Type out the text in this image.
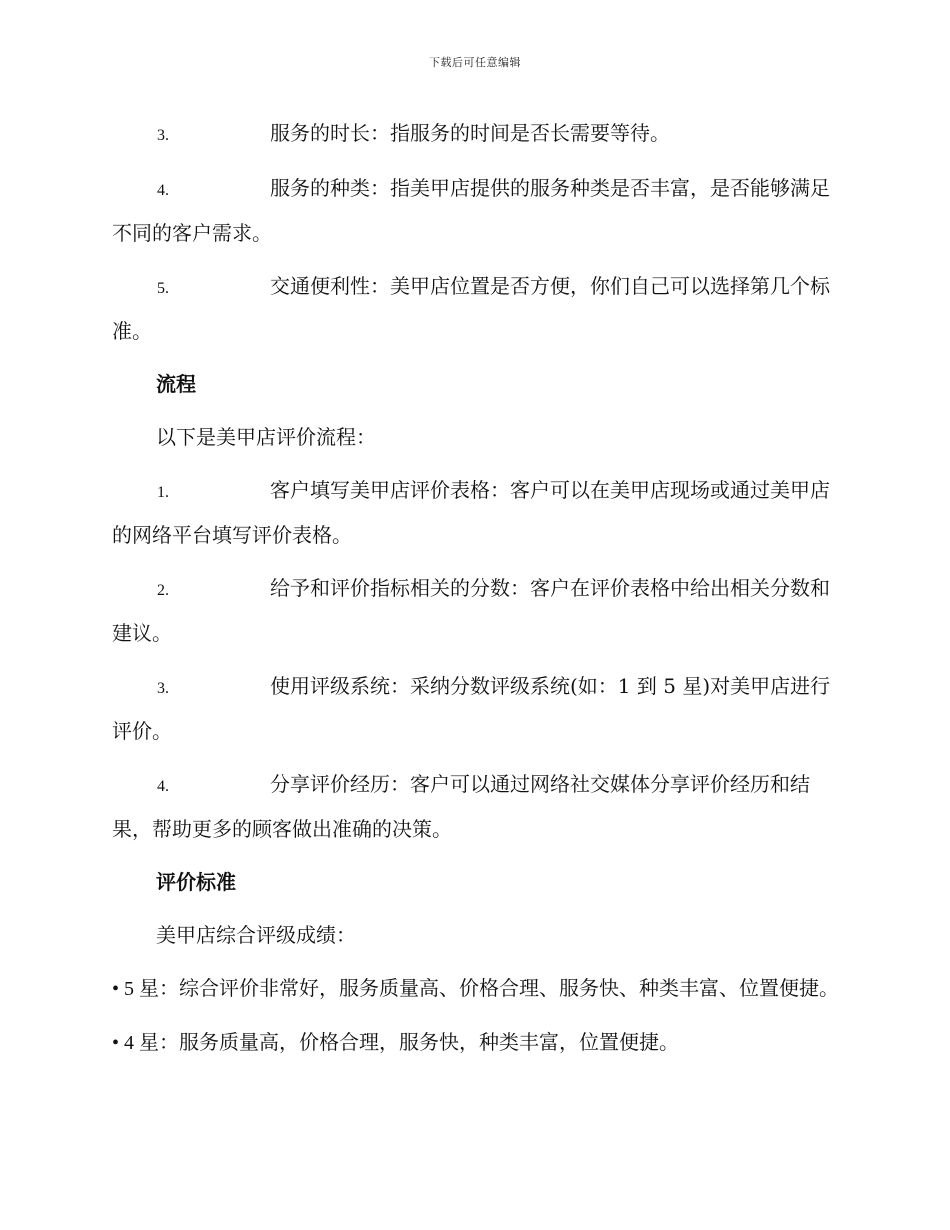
下载后可任意编辑

3.	服务的时长：指服务的时间是否长需要等待。

4.	服务的种类：指美甲店提供的服务种类是否丰富，是否能够满足不同的客户需求。

5.	交通便利性：美甲店位置是否方便，你们自己可以选择第几个标准。

流程

以下是美甲店评价流程：

1.	客户填写美甲店评价表格：客户可以在美甲店现场或通过美甲店的网络平台填写评价表格。

2.	给予和评价指标相关的分数：客户在评价表格中给出相关分数和建议。

3.	使用评级系统：采纳分数评级系统(如：1 到 5 星)对美甲店进行评价。

4.	分享评价经历：客户可以通过网络社交媒体分享评价经历和结果，帮助更多的顾客做出准确的决策。

评价标准

美甲店综合评级成绩：

• 5 星：综合评价非常好，服务质量高、价格合理、服务快、种类丰富、位置便捷。

• 4 星：服务质量高，价格合理，服务快，种类丰富，位置便捷。
